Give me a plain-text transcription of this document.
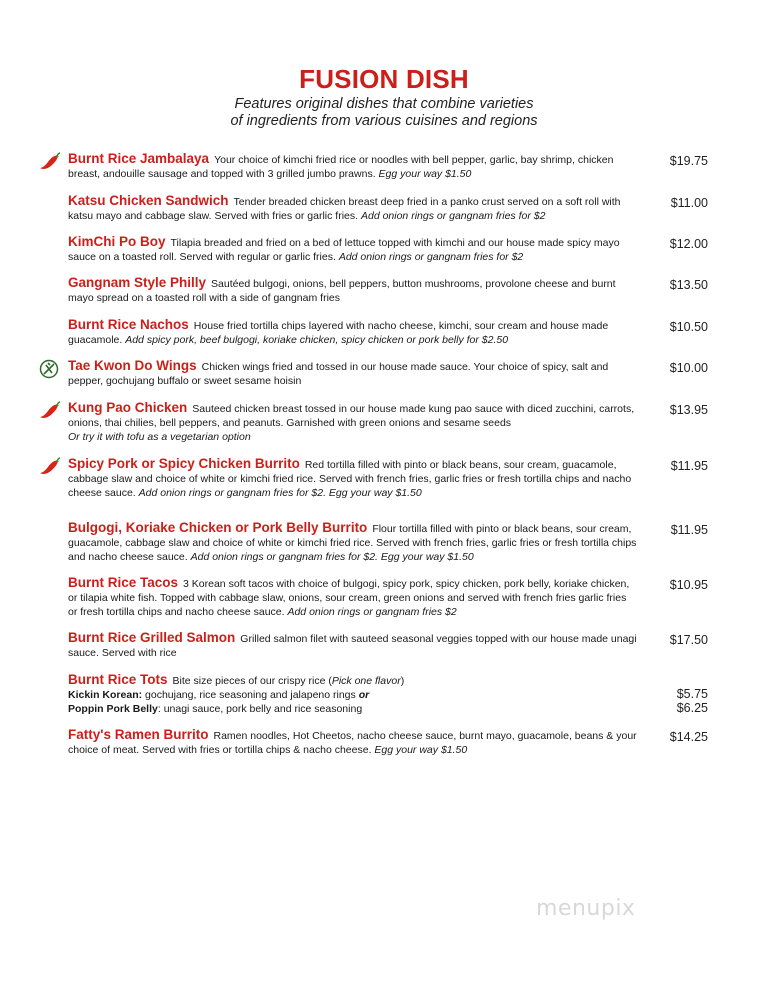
FUSION DISH

Features original dishes that combine varieties

of ingredients from various cuisines and regions

Burnt Rice Jambalaya Your choice of kimchi fried rice or noodles with bell pepper, garlic, bay shrimp, chicken breast, andouille sausage and topped with 3 grilled jumbo prawns. Egg your way $1.50
$19.75
Katsu Chicken Sandwich Tender breaded chicken breast deep fried in a panko crust served on a soft roll with katsu mayo and cabbage slaw. Served with fries or garlic fries. Add onion rings or gangnam fries for $2
$11.00
KimChi Po Boy Tilapia breaded and fried on a bed of lettuce topped with kimchi and our house made spicy mayo sauce on a toasted roll. Served with regular or garlic fries. Add onion rings or gangnam fries for $2
$12.00
Gangnam Style Philly Sautéed bulgogi, onions, bell peppers, button mushrooms, provolone cheese and burnt mayo spread on a toasted roll with a side of gangnam fries
$13.50
Burnt Rice Nachos House fried tortilla chips layered with nacho cheese, kimchi, sour cream and house made guacamole. Add spicy pork, beef bulgogi, koriake chicken, spicy chicken or pork belly for $2.50
$10.50
Tae Kwon Do Wings Chicken wings fried and tossed in our house made sauce. Your choice of spicy, salt and pepper, gochujang buffalo or sweet sesame hoisin
$10.00
Kung Pao Chicken Sauteed chicken breast tossed in our house made kung pao sauce with diced zucchini, carrots, onions, thai chilies, bell peppers, and peanuts. Garnished with green onions and sesame seeds
Or try it with tofu as a vegetarian option
$13.95
Spicy Pork or Spicy Chicken Burrito Red tortilla filled with pinto or black beans, sour cream, guacamole, cabbage slaw and choice of white or kimchi fried rice. Served with french fries, garlic fries or fresh tortilla chips and nacho cheese sauce. Add onion rings or gangnam fries for $2. Egg your way $1.50
$11.95
Bulgogi, Koriake Chicken or Pork Belly Burrito Flour tortilla filled with pinto or black beans, sour cream, guacamole, cabbage slaw and choice of white or kimchi fried rice. Served with french fries, garlic fries or fresh tortilla chips and nacho cheese sauce. Add onion rings or gangnam fries for $2. Egg your way $1.50
$11.95
Burnt Rice Tacos 3 Korean soft tacos with choice of bulgogi, spicy pork, spicy chicken, pork belly, koriake chicken, or tilapia white fish. Topped with cabbage slaw, onions, sour cream, green onions and served with french fries garlic fries or fresh tortilla chips and nacho cheese sauce. Add onion rings or gangnam fries $2
$10.95
Burnt Rice Grilled Salmon Grilled salmon filet with sauteed seasonal veggies topped with our house made unagi sauce. Served with rice
$17.50
Burnt Rice Tots Bite size pieces of our crispy rice (Pick one flavor)
Kickin Korean: gochujang, rice seasoning and jalapeno rings or	$5.75
Poppin Pork Belly: unagi sauce, pork belly and rice seasoning	$6.25
Fatty's Ramen Burrito Ramen noodles, Hot Cheetos, nacho cheese sauce, burnt mayo, guacamole, beans & your choice of meat. Served with fries or tortilla chips & nacho cheese. Egg your way $1.50
$14.25
menupix
